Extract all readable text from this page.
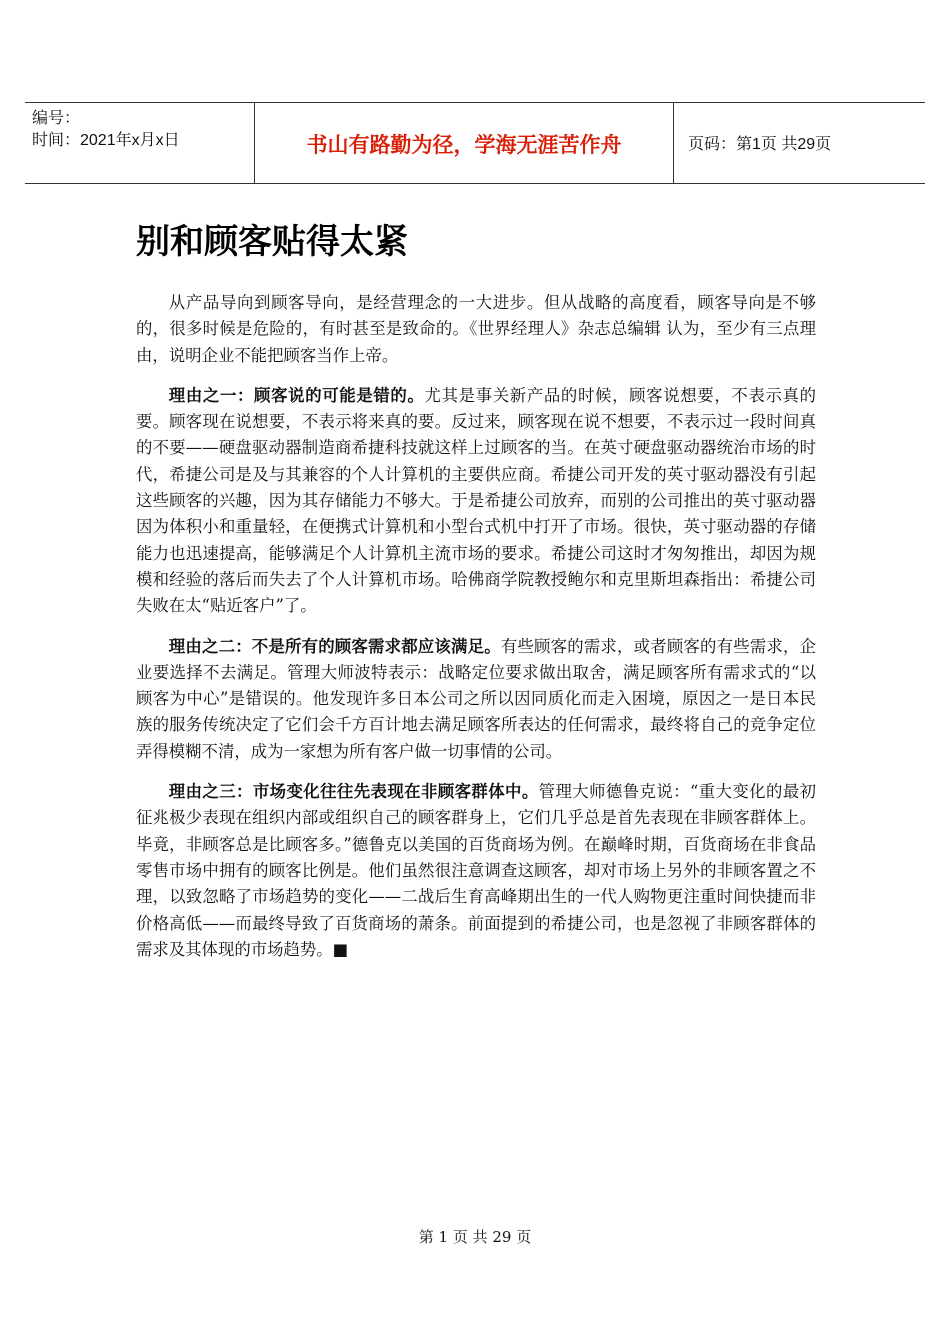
编号：
时间：2021年x月x日	书山有路勤为径，学海无涯苦作舟	页码：第1页 共29页
别和顾客贴得太紧

从产品导向到顾客导向，是经营理念的一大进步。但从战略的高度看，顾客导向是不够的，很多时候是危险的，有时甚至是致命的。《世界经理人》杂志总编辑 认为，至少有三点理由，说明企业不能把顾客当作上帝。

理由之一：顾客说的可能是错的。尤其是事关新产品的时候，顾客说想要，不表示真的要。顾客现在说想要，不表示将来真的要。反过来，顾客现在说不想要，不表示过一段时间真的不要——硬盘驱动器制造商希捷科技就这样上过顾客的当。在英寸硬盘驱动器统治市场的时代，希捷公司是及与其兼容的个人计算机的主要供应商。希捷公司开发的英寸驱动器没有引起这些顾客的兴趣，因为其存储能力不够大。于是希捷公司放弃，而别的公司推出的英寸驱动器因为体积小和重量轻，在便携式计算机和小型台式机中打开了市场。很快，英寸驱动器的存储能力也迅速提高，能够满足个人计算机主流市场的要求。希捷公司这时才匆匆推出，却因为规模和经验的落后而失去了个人计算机市场。哈佛商学院教授鲍尔和克里斯坦森指出：希捷公司失败在太“贴近客户”了。

理由之二：不是所有的顾客需求都应该满足。有些顾客的需求，或者顾客的有些需求，企业要选择不去满足。管理大师波特表示：战略定位要求做出取舍，满足顾客所有需求式的“以顾客为中心”是错误的。他发现许多日本公司之所以因同质化而走入困境，原因之一是日本民族的服务传统决定了它们会千方百计地去满足顾客所表达的任何需求，最终将自己的竞争定位弄得模糊不清，成为一家想为所有客户做一切事情的公司。

理由之三：市场变化往往先表现在非顾客群体中。管理大师德鲁克说：“重大变化的最初征兆极少表现在组织内部或组织自己的顾客群身上，它们几乎总是首先表现在非顾客群体上。毕竟，非顾客总是比顾客多。”德鲁克以美国的百货商场为例。在巅峰时期，百货商场在非食品零售市场中拥有的顾客比例是。他们虽然很注意调查这顾客，却对市场上另外的非顾客置之不理，以致忽略了市场趋势的变化——二战后生育高峰期出生的一代人购物更注重时间快捷而非价格高低——而最终导致了百货商场的萧条。前面提到的希捷公司，也是忽视了非顾客群体的需求及其体现的市场趋势。■

第 1 页 共 29 页
